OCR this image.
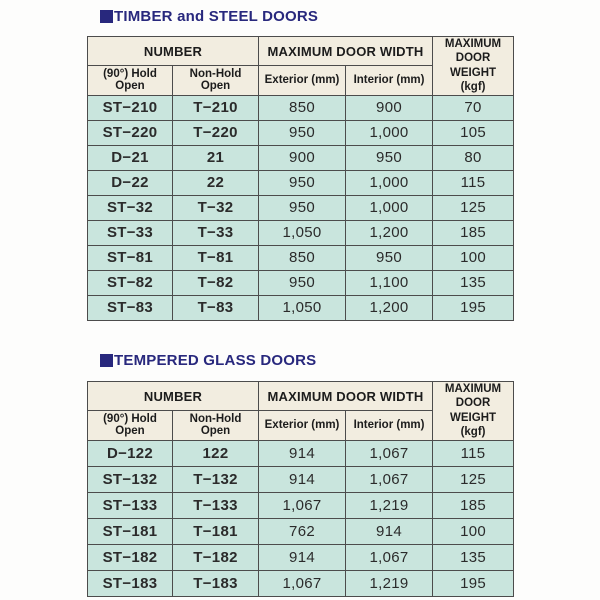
TIMBER and STEEL DOORS
NUMBER		MAXIMUM DOOR WIDTH		MAXIMUM
DOOR WEIGHT
(kgf)

(90°) Hold Open	Non-Hold Open	Exterior (mm)	Interior (mm)	
ST−210	T−210	850	900	70
ST−220	T−220	950	1,000	105
D−21	21	900	950	80
D−22	22	950	1,000	115
ST−32	T−32	950	1,000	125
ST−33	T−33	1,050	1,200	185
ST−81	T−81	850	950	100
ST−82	T−82	950	1,100	135
ST−83	T−83	1,050	1,200	195
TEMPERED GLASS DOORS
NUMBER		MAXIMUM DOOR WIDTH		MAXIMUM
DOOR WEIGHT
(kgf)

(90°) Hold Open	Non-Hold Open	Exterior (mm)	Interior (mm)	
D−122	122	914	1,067	115
ST−132	T−132	914	1,067	125
ST−133	T−133	1,067	1,219	185
ST−181	T−181	762	914	100
ST−182	T−182	914	1,067	135
ST−183	T−183	1,067	1,219	195
